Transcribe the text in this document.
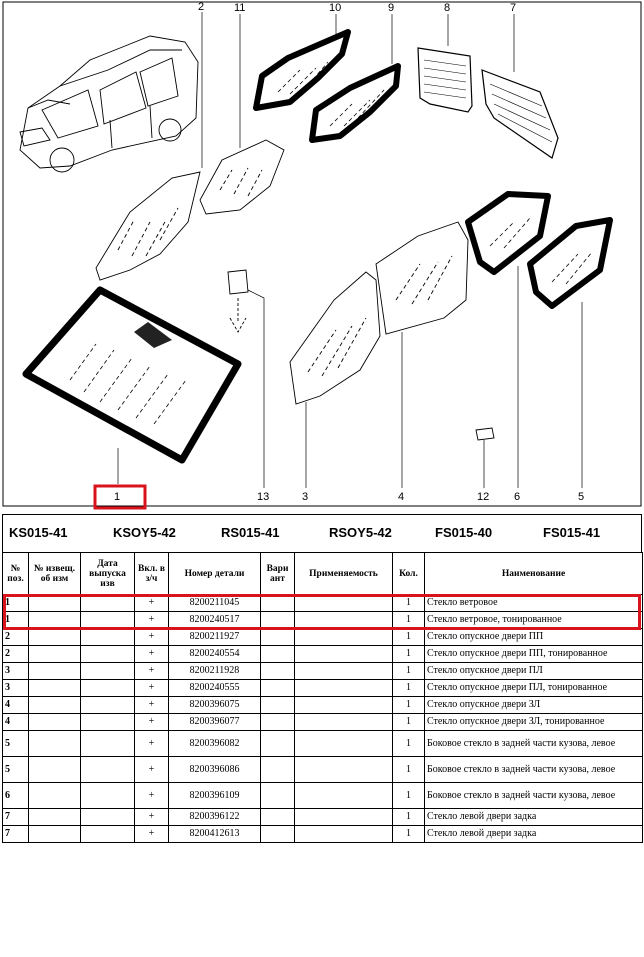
2	11	10	9	8	7
1	13	3	4	12 6	5
KS015-41	KSOY5-42	RS015-41	RSOY5-42	FS015-40	FS015-41
№ поз.	№ извещ. об изм	Дата выпуска изв	Вкл. в з/ч	Номер детали	Вари ант	Применяемость	Кол.	Наименование
1			+	8200211045			1	Стекло ветровое
1			+	8200240517			1	Стекло ветровое, тонированное
2			+	8200211927			1	Стекло опускное двери ПП
2			+	8200240554			1	Стекло опускное двери ПП, тонированное
3			+	8200211928			1	Стекло опускное двери ПЛ
3			+	8200240555			1	Стекло опускное двери ПЛ, тонированное
4			+	8200396075			1	Стекло опускное двери ЗЛ
4			+	8200396077			1	Стекло опускное двери ЗЛ, тонированное
5			+	8200396082			1	Боковое стекло в задней части кузова, левое
5			+	8200396086			1	Боковое стекло в задней части кузова, левое
6			+	8200396109			1	Боковое стекло в задней части кузова, левое
7			+	8200396122			1	Стекло левой двери задка
7			+	8200412613			1	Стекло левой двери задка
